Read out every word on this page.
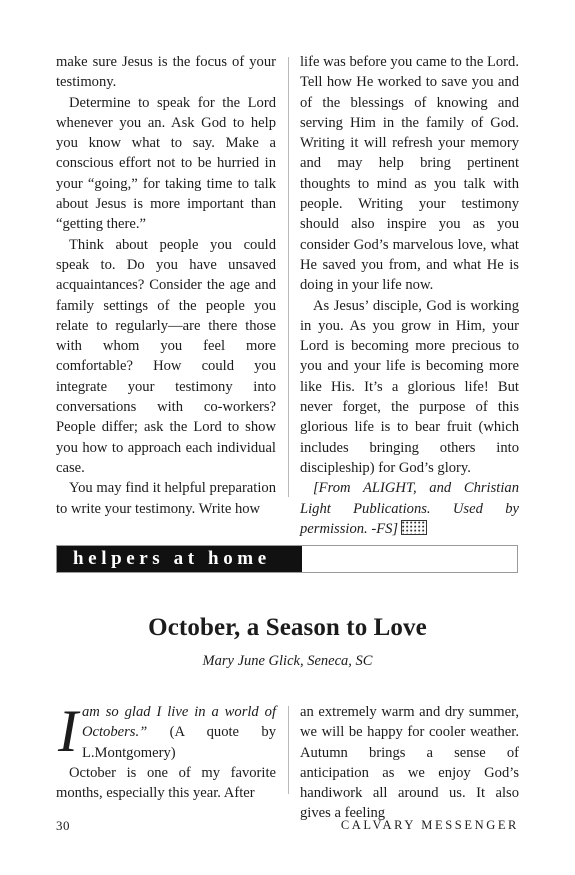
make sure Jesus is the focus of your testimony.

Determine to speak for the Lord whenever you an. Ask God to help you know what to say. Make a conscious effort not to be hurried in your “going,” for taking time to talk about Jesus is more important than “getting there.”

Think about people you could speak to. Do you have unsaved acquaintances? Consider the age and family settings of the people you relate to regularly—are there those with whom you feel more comfortable? How could you integrate your testimony into conversations with co-workers? People differ; ask the Lord to show you how to approach each individual case.

You may find it helpful preparation to write your testimony. Write how

life was before you came to the Lord. Tell how He worked to save you and of the blessings of knowing and serving Him in the family of God. Writing it will refresh your memory and may help bring pertinent thoughts to mind as you talk with people. Writing your testimony should also inspire you as you consider God’s marvelous love, what He saved you from, and what He is doing in your life now.

As Jesus’ disciple, God is working in you. As you grow in Him, your Lord is becoming more precious to you and your life is becoming more like His. It’s a glorious life! But never forget, the purpose of this glorious life is to bear fruit (which includes bringing others into discipleship) for God’s glory.

[From ALIGHT, and Christian Light Publications. Used by permission. -FS]

helpers at home
October, a Season to Love

Mary June Glick, Seneca, SC

Iam so glad I live in a world of Octobers.” (A quote by L.Montgomery)

October is one of my favorite months, especially this year. After

an extremely warm and dry summer, we will be happy for cooler weather. Autumn brings a sense of anticipation as we enjoy God’s handiwork all around us. It also gives a feeling

30	CALVARY MESSENGER
